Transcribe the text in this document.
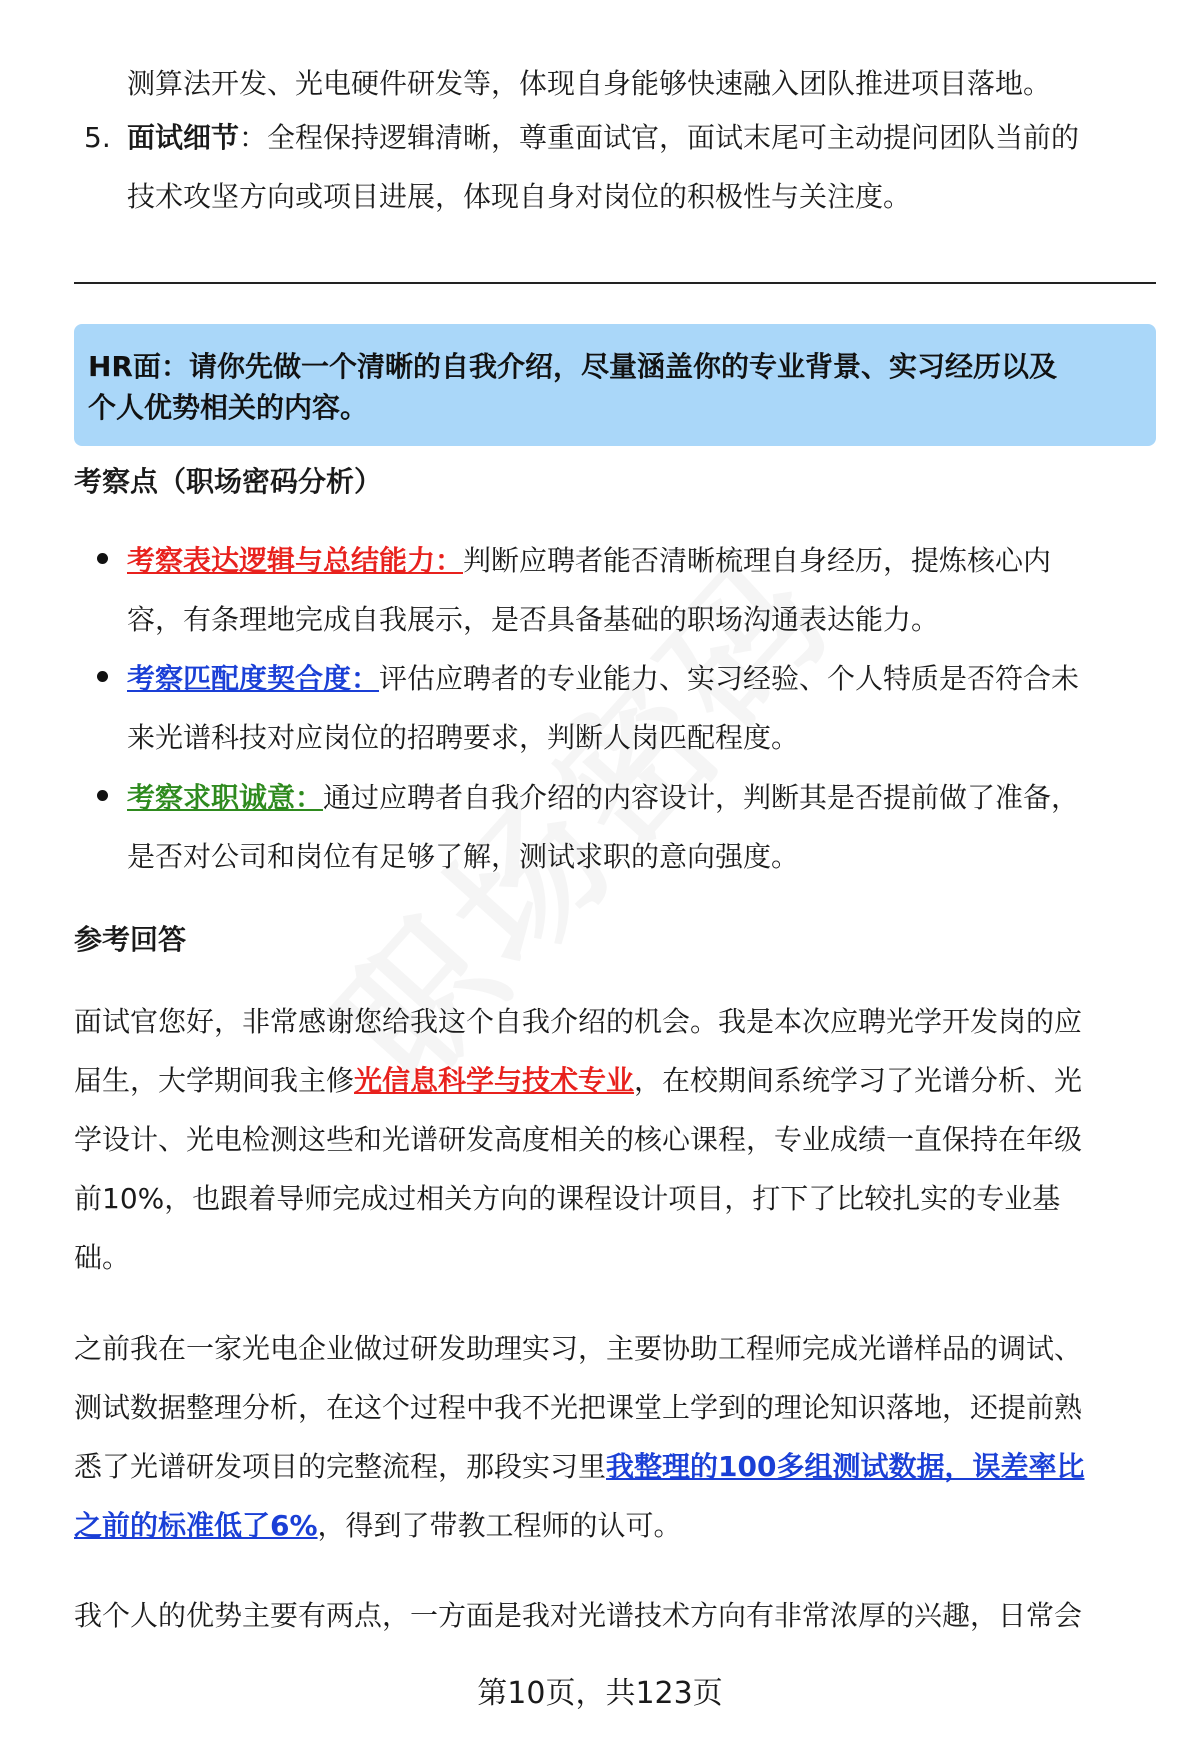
测算法开发、光电硬件研发等，体现自身能够快速融入团队推进项目落地。
5. 面试细节：全程保持逻辑清晰，尊重面试官，面试末尾可主动提问团队当前的
技术攻坚方向或项目进展，体现自身对岗位的积极性与关注度。
HR面：请你先做一个清晰的自我介绍，尽量涵盖你的专业背景、实习经历以及
个人优势相关的内容。
考察点（职场密码分析）
考察表达逻辑与总结能力：判断应聘者能否清晰梳理自身经历，提炼核心内
容，有条理地完成自我展示，是否具备基础的职场沟通表达能力。
考察匹配度契合度：评估应聘者的专业能力、实习经验、个人特质是否符合未
来光谱科技对应岗位的招聘要求，判断人岗匹配程度。
考察求职诚意：通过应聘者自我介绍的内容设计，判断其是否提前做了准备，
是否对公司和岗位有足够了解，测试求职的意向强度。
参考回答
面试官您好，非常感谢您给我这个自我介绍的机会。我是本次应聘光学开发岗的应
届生，大学期间我主修光信息科学与技术专业，在校期间系统学习了光谱分析、光
学设计、光电检测这些和光谱研发高度相关的核心课程，专业成绩一直保持在年级
前10%，也跟着导师完成过相关方向的课程设计项目，打下了比较扎实的专业基
础。
之前我在一家光电企业做过研发助理实习，主要协助工程师完成光谱样品的调试、
测试数据整理分析，在这个过程中我不光把课堂上学到的理论知识落地，还提前熟
悉了光谱研发项目的完整流程，那段实习里我整理的100多组测试数据，误差率比
之前的标准低了6%，得到了带教工程师的认可。
我个人的优势主要有两点，一方面是我对光谱技术方向有非常浓厚的兴趣，日常会
第10页，共123页
